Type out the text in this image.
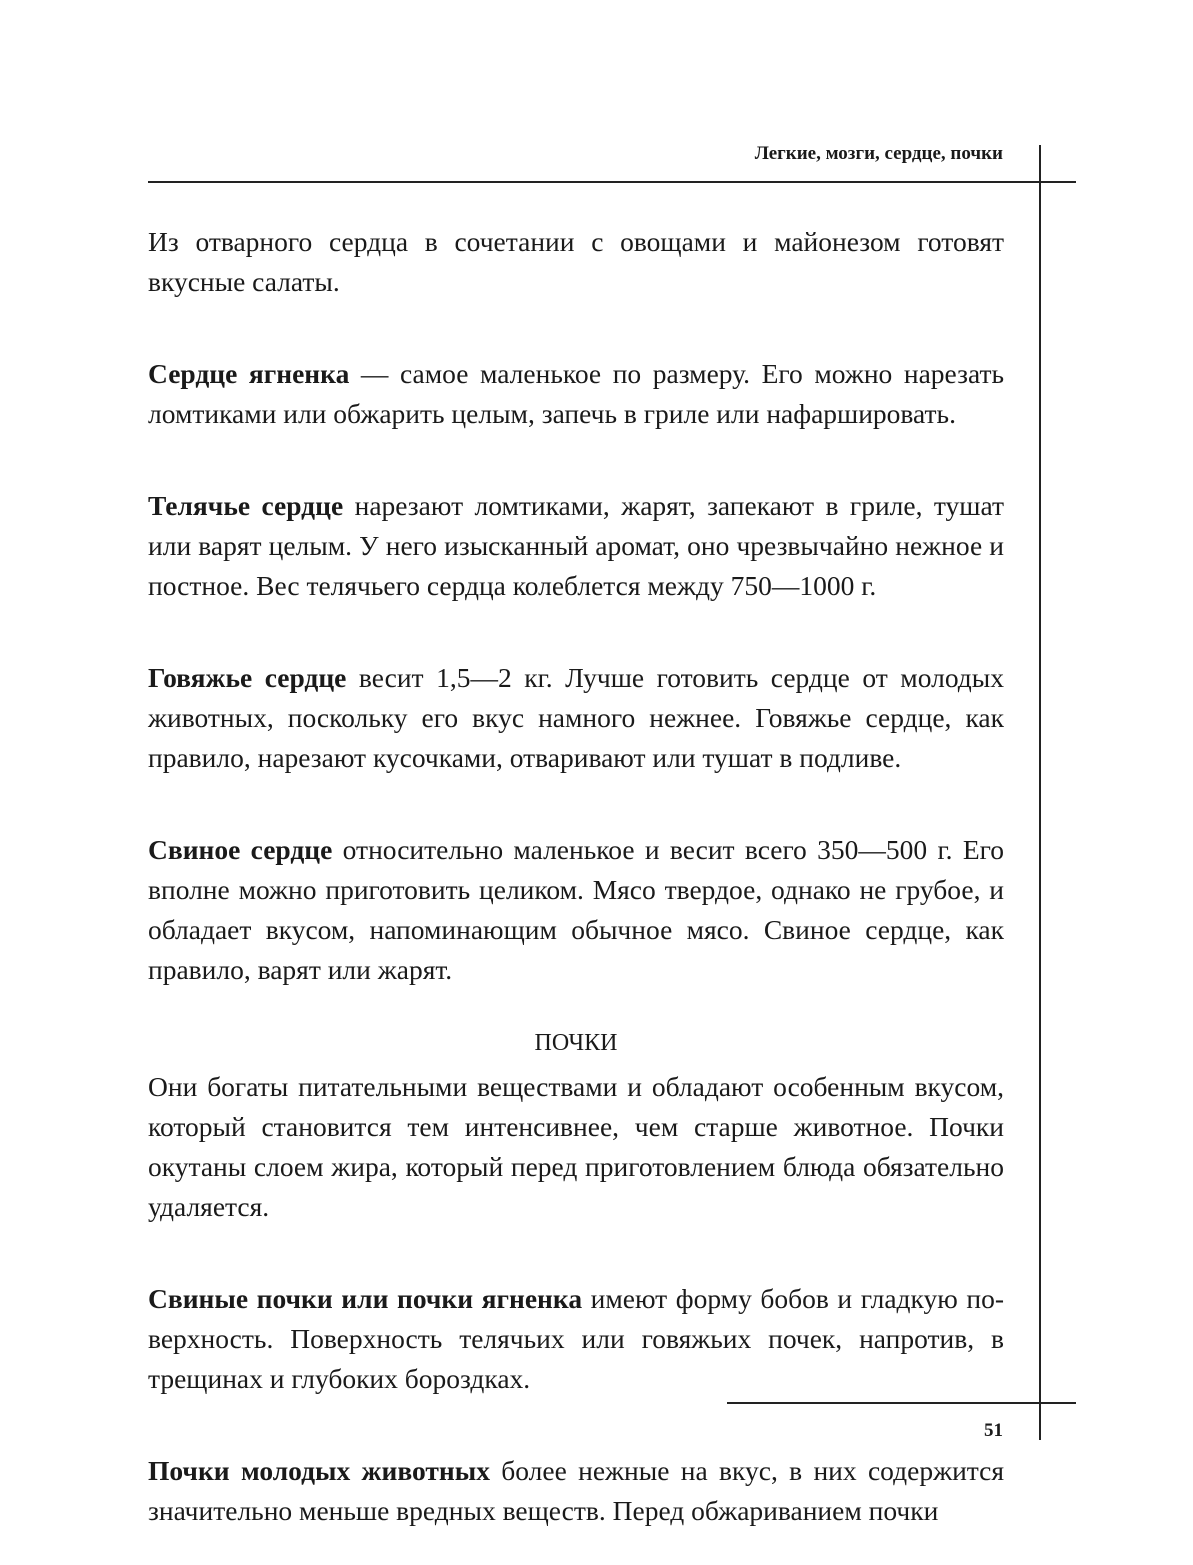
Легкие, мозги, сердце, почки

Из отварного сердца в сочетании с овощами и майонезом готовят вкусные салаты.

Сердце ягненка — самое маленькое по размеру. Его можно нарезать ломтиками или обжарить целым, запечь в гриле или нафаршировать.

Телячье сердце нарезают ломтиками, жарят, запекают в гриле, тушат или варят целым. У него изысканный аромат, оно чрезвычайно нежное и постное. Вес телячьего сердца колеблется между 750—1000 г.

Говяжье сердце весит 1,5—2 кг. Лучше готовить сердце от молодых животных, поскольку его вкус намного нежнее. Говяжье сердце, как правило, нарезают кусочками, отваривают или тушат в подливе.

Свиное сердце относительно маленькое и весит всего 350—500 г. Его вполне можно приготовить целиком. Мясо твердое, однако не грубое, и обладает вкусом, напоминающим обычное мясо. Свиное сердце, как правило, варят или жарят.

ПОЧКИ

Они богаты питательными веществами и обладают особенным вкусом, который становится тем интенсивнее, чем старше животное. Почки окутаны слоем жира, который перед приготовлением блюда обязательно удаляется.

Свиные почки или почки ягненка имеют форму бобов и гладкую поверхность. Поверхность телячьих или говяжьих почек, напротив, в трещинах и глубоких бороздках.

Почки молодых животных более нежные на вкус, в них содержится значительно меньше вредных веществ. Перед обжариванием почки

51
